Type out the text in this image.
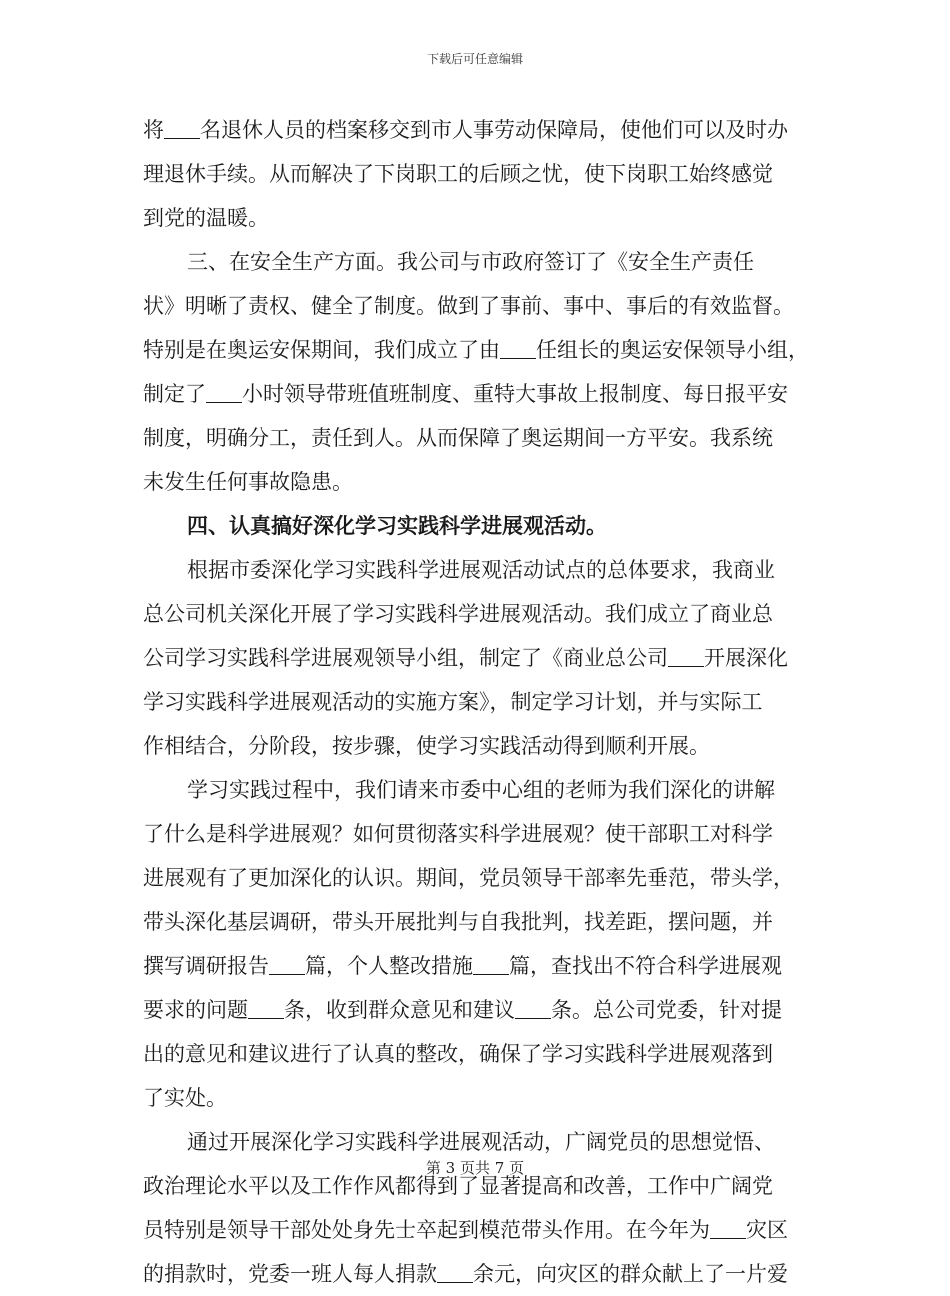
下载后可任意编辑
将 名退休人员的档案移交到市人事劳动保障局，使他们可以及时办
理退休手续。从而解决了下岗职工的后顾之忧，使下岗职工始终感觉
到党的温暖。
三、在安全生产方面。我公司与市政府签订了《安全生产责任
状》明晰了责权、健全了制度。做到了事前、事中、事后的有效监督。
特别是在奥运安保期间，我们成立了由 任组长的奥运安保领导小组，
制定了 小时领导带班值班制度、重特大事故上报制度、每日报平安
制度，明确分工，责任到人。从而保障了奥运期间一方平安。我系统
未发生任何事故隐患。
四、认真搞好深化学习实践科学进展观活动。
根据市委深化学习实践科学进展观活动试点的总体要求，我商业
总公司机关深化开展了学习实践科学进展观活动。我们成立了商业总
公司学习实践科学进展观领导小组，制定了《商业总公司 开展深化
学习实践科学进展观活动的实施方案》，制定学习计划，并与实际工
作相结合，分阶段，按步骤，使学习实践活动得到顺利开展。
学习实践过程中，我们请来市委中心组的老师为我们深化的讲解
了什么是科学进展观？如何贯彻落实科学进展观？使干部职工对科学
进展观有了更加深化的认识。期间，党员领导干部率先垂范，带头学，
带头深化基层调研，带头开展批判与自我批判，找差距，摆问题，并
撰写调研报告 篇，个人整改措施 篇，查找出不符合科学进展观
要求的问题 条，收到群众意见和建议 条。总公司党委，针对提
出的意见和建议进行了认真的整改，确保了学习实践科学进展观落到
了实处。
通过开展深化学习实践科学进展观活动，广阔党员的思想觉悟、
政治理论水平以及工作作风都得到了显著提高和改善，工作中广阔党
员特别是领导干部处处身先士卒起到模范带头作用。在今年为 灾区
的捐款时，党委一班人每人捐款 余元，向灾区的群众献上了一片爱
第 3 页共 7 页
